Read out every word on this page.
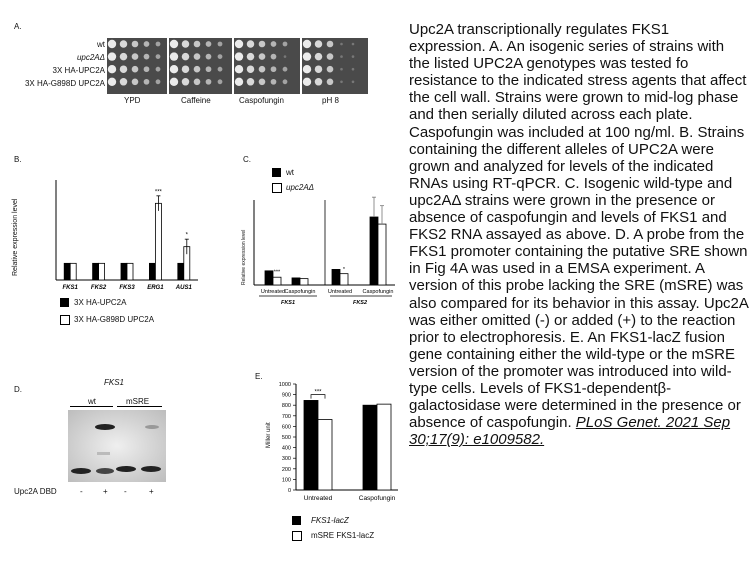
A.
wt
upc2AΔ
3X HA-UPC2A
3X HA-G898D UPC2A
YPD	Caffeine	Caspofungin	pH 8
B.
Relative expression level
FKS1 FKS2 FKS3 ERG1 AUS1
***
*
3X HA-UPC2A
3X HA-G898D UPC2A
C.
wt
upc2AΔ
Relative expression level
Untreated Caspofungin Untreated Caspofungin
FKS1	FKS2
***	*
D.
FKS1
wt	mSRE
Upc2A DBD	-	+ -	+
E.
Miller unit
0
100
200
300
400
500
600
700
800
900
1000
Untreated	Caspofungin
***
FKS1-lacZ
mSRE FKS1-lacZ
Upc2A transcriptionally regulates FKS1 expression. A. An isogenic series of strains with the listed UPC2A genotypes was tested fo resistance to the indicated stress agents that affect the cell wall. Strains were grown to mid-log phase and then serially diluted across each plate. Caspofungin was included at 100 ng/ml. B. Strains containing the different alleles of UPC2A were grown and analyzed for levels of the indicated RNAs using RT-qPCR. C. Isogenic wild-type and upc2AΔ strains were grown in the presence or absence of caspofungin and levels of FKS1 and FKS2 RNA assayed as above. D. A probe from the FKS1 promoter containing the putative SRE shown in Fig 4A was used in a EMSA experiment. A version of this probe lacking the SRE (mSRE) was also compared for its behavior in this assay. Upc2A was either omitted (-) or added (+) to the reaction prior to electrophoresis. E. An FKS1-lacZ fusion gene containing either the wild-type or the mSRE version of the promoter was introduced into wild-type cells. Levels of FKS1-dependentβ-galactosidase were determined in the presence or absence of caspofungin. PLoS Genet. 2021 Sep 30;17(9): e1009582.
